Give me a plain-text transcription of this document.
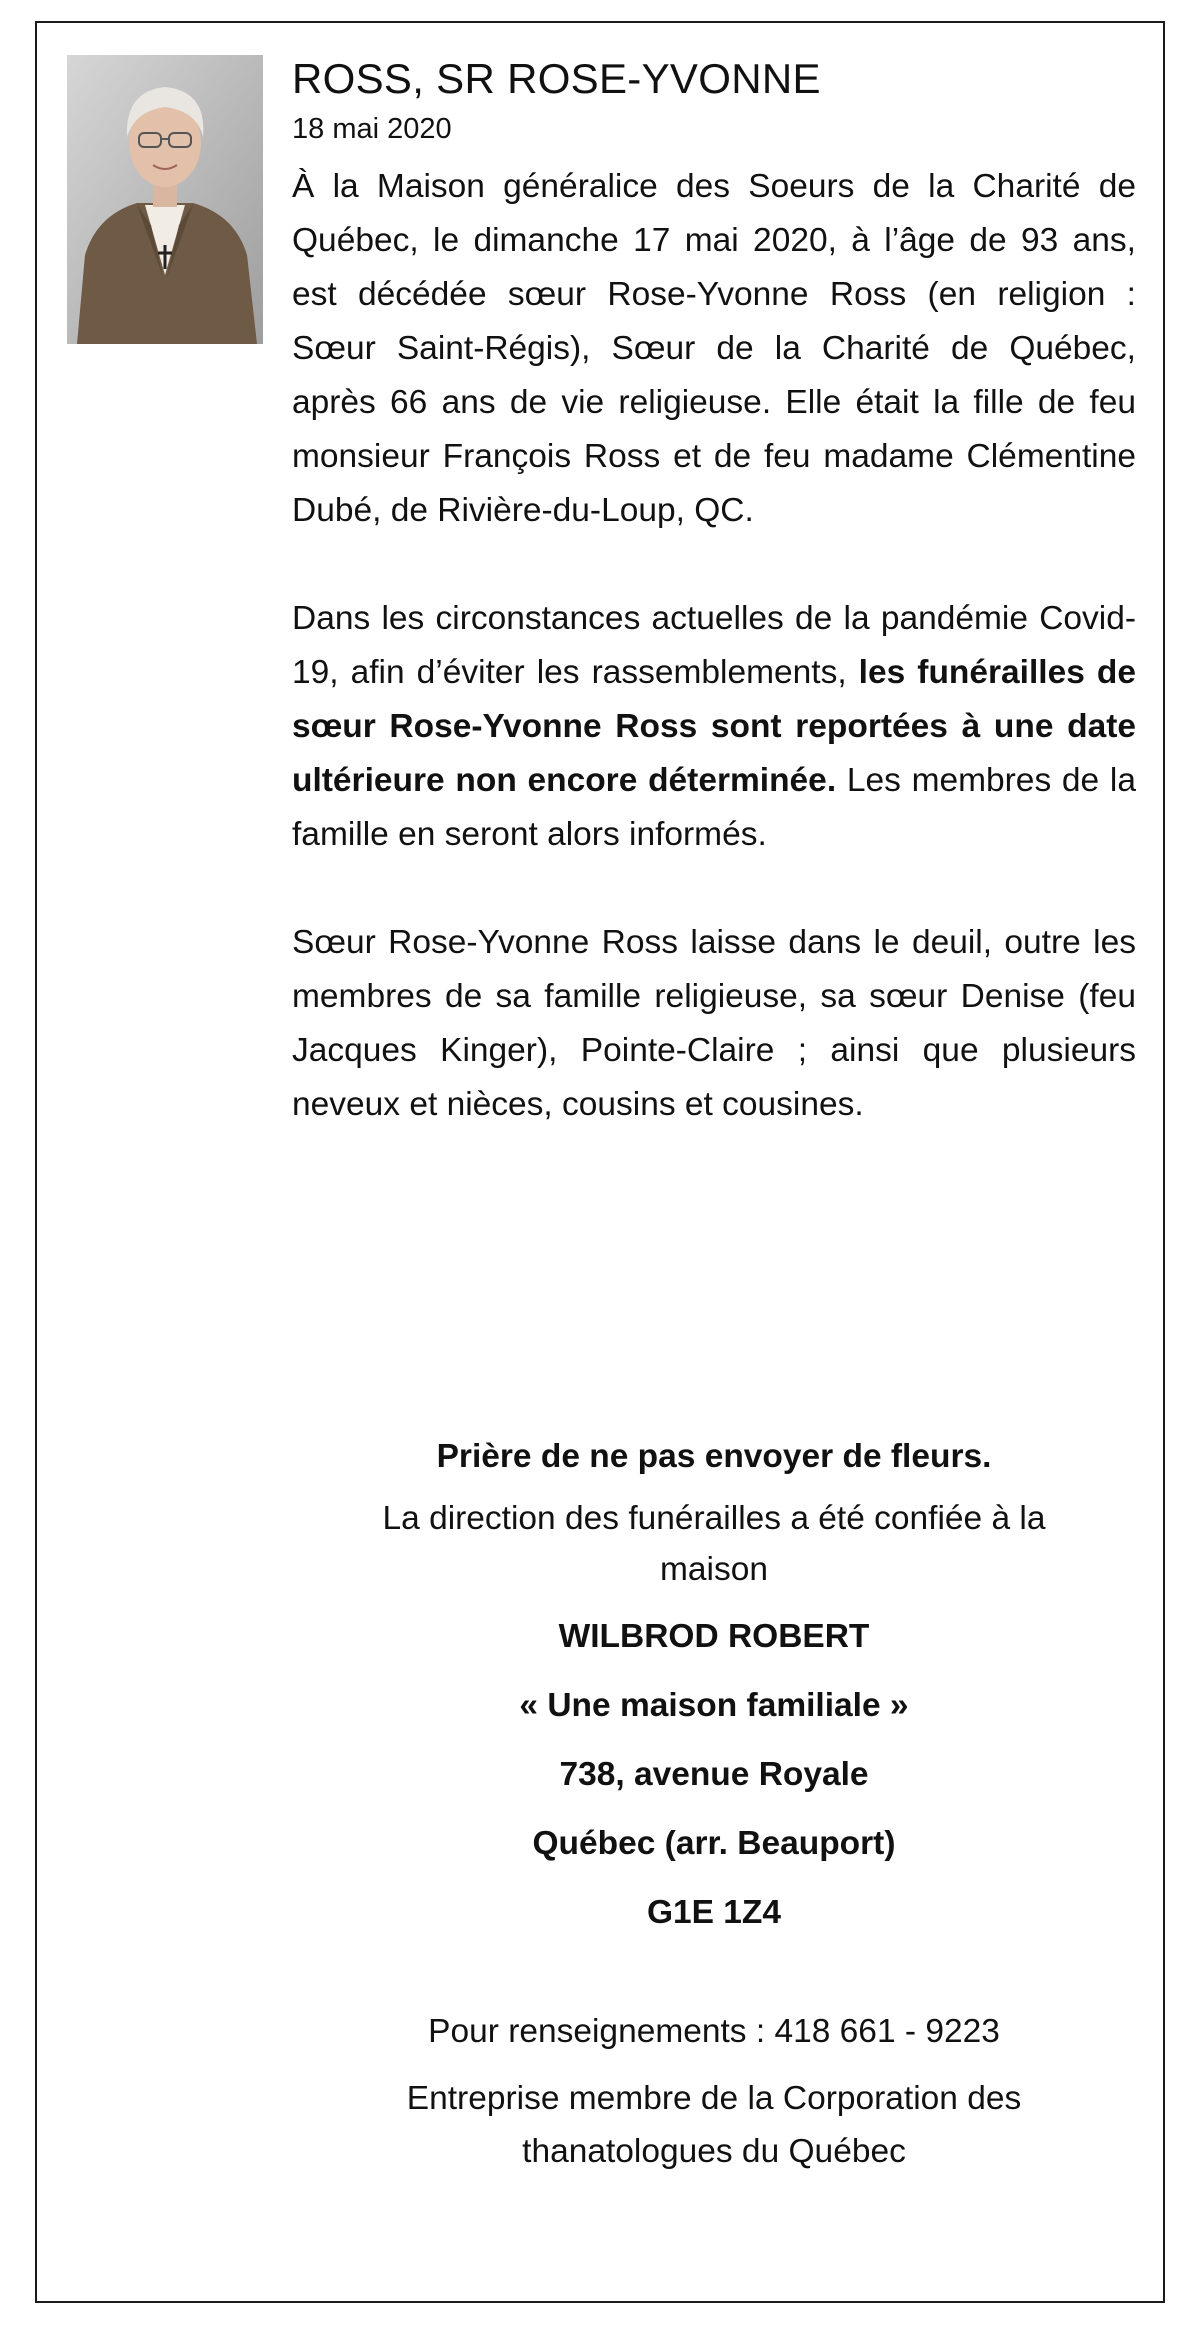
ROSS, SR ROSE-YVONNE
18 mai 2020

À la Maison généralice des Soeurs de la Charité de Québec, le dimanche 17 mai 2020, à l’âge de 93 ans, est décédée sœur Rose-Yvonne Ross (en religion : Sœur Saint-Régis), Sœur de la Charité de Québec, après 66 ans de vie religieuse. Elle était la fille de feu monsieur François Ross et de feu madame Clémentine Dubé, de Rivière-du-Loup, QC.

Dans les circonstances actuelles de la pandémie Covid-19, afin d’éviter les rassemblements, les funérailles de sœur Rose-Yvonne Ross sont reportées à une date ultérieure non encore déterminée. Les membres de la famille en seront alors informés.

Sœur Rose-Yvonne Ross laisse dans le deuil, outre les membres de sa famille religieuse, sa sœur Denise (feu Jacques Kinger), Pointe-Claire ; ainsi que plusieurs neveux et nièces, cousins et cousines.

Prière de ne pas envoyer de fleurs.

La direction des funérailles a été confiée à la maison

WILBROD ROBERT

« Une maison familiale »

738, avenue Royale

Québec (arr. Beauport)

G1E 1Z4

Pour renseignements : 418 661 - 9223

Entreprise membre de la Corporation des thanatologues du Québec
